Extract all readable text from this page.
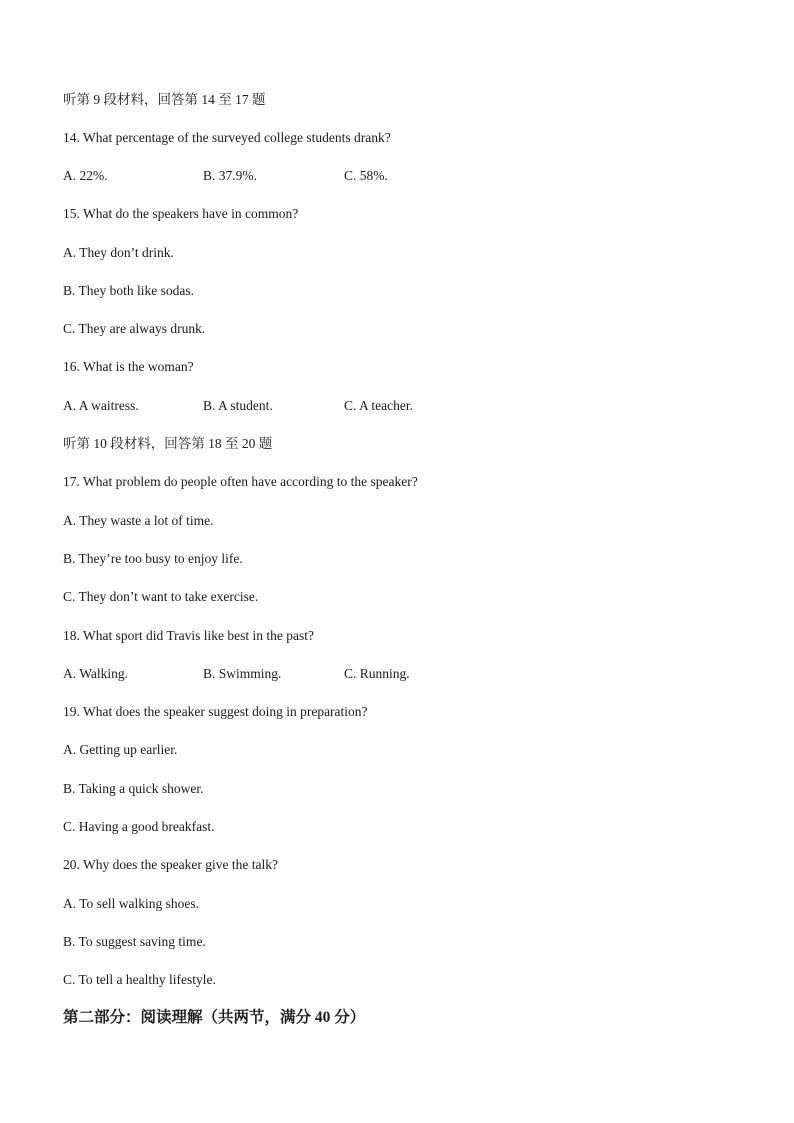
听第 9 段材料，回答第 14 至 17 题
14. What percentage of the surveyed college students drank?
A. 22%.	B. 37.9%.	C. 58%.
15. What do the speakers have in common?
A. They don’t drink.
B. They both like sodas.
C. They are always drunk.
16. What is the woman?
A. A waitress.	B. A student.	C. A teacher.
听第 10 段材料，回答第 18 至 20 题
17. What problem do people often have according to the speaker?
A. They waste a lot of time.
B. They’re too busy to enjoy life.
C. They don’t want to take exercise.
18. What sport did Travis like best in the past?
A. Walking.	B. Swimming.	C. Running.
19. What does the speaker suggest doing in preparation?
A. Getting up earlier.
B. Taking a quick shower.
C. Having a good breakfast.
20. Why does the speaker give the talk?
A. To sell walking shoes.
B. To suggest saving time.
C. To tell a healthy lifestyle.
第二部分：阅读理解（共两节，满分 40 分）
